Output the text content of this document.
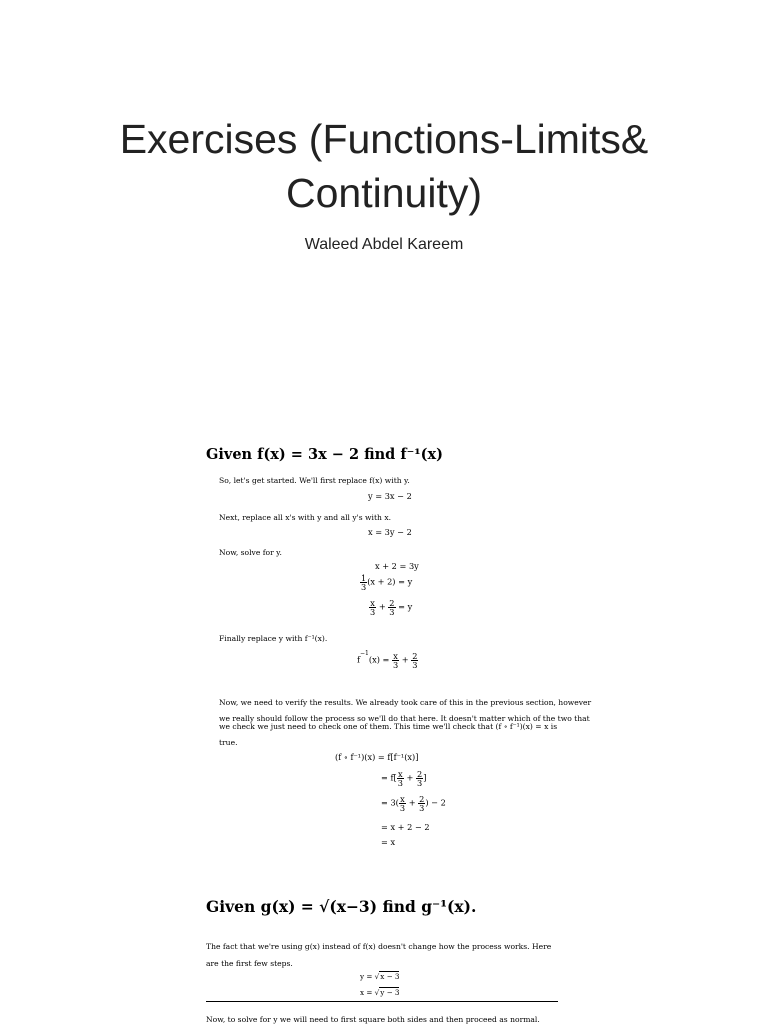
Exercises (Functions-Limits&
Continuity)
Waleed Abdel Kareem
Given f(x) = 3x − 2 find f⁻¹(x)
So, let's get started. We'll first replace f(x) with y.
y = 3x − 2
Next, replace all x's with y and all y's with x.
x = 3y − 2
Now, solve for y.
x + 2 = 3y
$\frac{1}{3} (x + 2) = y$
$\frac{x}{3} + \frac{2}{3} = y$
Finally replace y with f⁻¹(x).
$f^{-1}(x) = \frac{x}{3} + \frac{2}{3}$
Now, we need to verify the results. We already took care of this in the previous section, however
we really should follow the process so we'll do that here. It doesn't matter which of the two that
we check we just need to check one of them. This time we'll check that (f ∘ f⁻¹)(x) = x is
true.
(f ∘ f⁻¹)(x) = f[f⁻¹(x)]
= $f[ \frac{x}{3} + \frac{2}{3}$ ]
= $3( \frac{x}{3} + \frac{2}{3}$ ) − 2
= x + 2 − 2
= x
Given g(x) = √(x−3) find g⁻¹(x).
The fact that we're using g(x) instead of f(x) doesn't change how the process works. Here
are the first few steps.
y = √x − 3
x = √y − 3
Now, to solve for y we will need to first square both sides and then proceed as normal.
